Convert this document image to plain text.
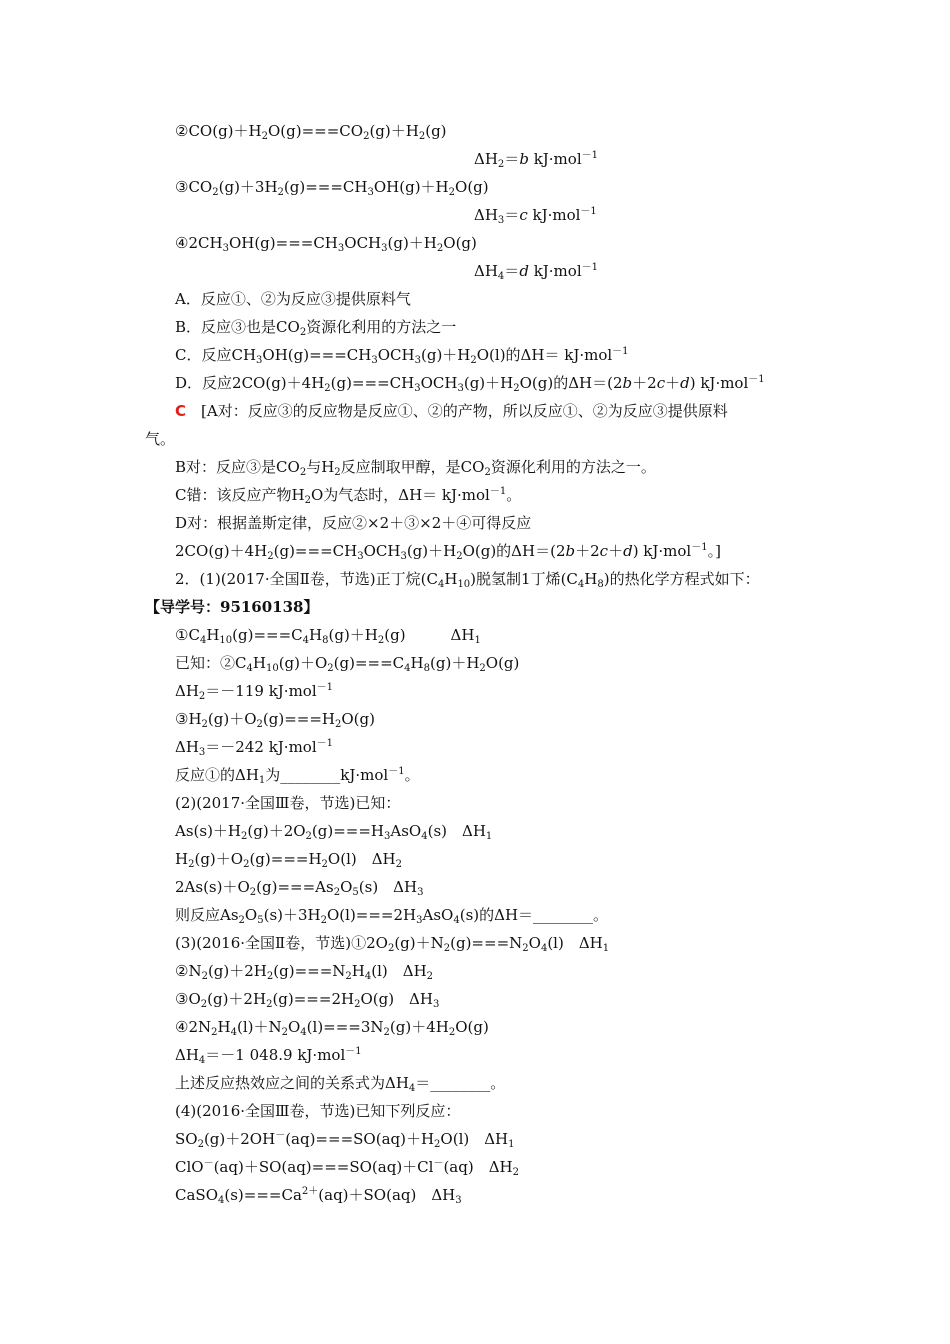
$②CO(g)+H_2O(g)===CO_2(g)+H_2(g)$
$\Delta H_2=b$ kJ·mol$^{-1}$
$③CO_2(g)+3H_2(g)===CH_3OH(g)+H_2O(g)$
$\Delta H_3=c$ kJ·mol$^{-1}$
$④2CH_3OH(g)===CH_3OCH_3(g)+H_2O(g)$
$\Delta H_4=d$ kJ·mol$^{-1}$
A．反应①、②为反应③提供原料气
B．反应③也是$CO_2$资源化利用的方法之一
C．反应$CH_3OH(g)===CH_3OCH_3(g)+H_2O(l)$的ΔH＝ kJ·mol$^{-1}$
D．反应$2CO(g)+4H_2(g)===CH_3OCH_3(g)+H_2O(g)$的ΔH＝(2b＋2c＋d) kJ·mol$^{-1}$
C　[A对：反应③的反应物是反应①、②的产物，所以反应①、②为反应③提供原料
气。
B对：反应③是$CO_2$与$H_2$反应制取甲醇，是$CO_2$资源化利用的方法之一。
C错：该反应产物$H_2O$为气态时，ΔH＝ kJ·mol$^{-1}$。
D对：根据盖斯定律，反应②×2＋③×2＋④可得反应
$2CO(g)+4H_2(g)===CH_3OCH_3(g)+H_2O(g)$的ΔH＝(2b＋2c＋d) kJ·mol$^{-1}$。]
2．(1)(2017·全国Ⅱ卷，节选)正丁烷$(C_4H_{10})$脱氢制1丁烯$(C_4H_8)$的热化学方程式如下：
【导学号：95160138】
$①C_4H_{10}(g)===C_4H_8(g)+H_2(g)$　　　$\Delta H_1$
已知：$②C_4H_{10}(g)+O_2(g)===C_4H_8(g)+H_2O(g)$
$\Delta H_2=-119$ kJ·mol$^{-1}$
$③H_2(g)+O_2(g)===H_2O(g)$
$\Delta H_3=-242$ kJ·mol$^{-1}$
反应①的$\Delta H_1$为________kJ·mol$^{-1}$。
(2)(2017·全国Ⅲ卷，节选)已知：
$As(s)+H_2(g)+2O_2(g)===H_3AsO_4(s)$　$\Delta H_1$
$H_2(g)+O_2(g)===H_2O(l)$　$\Delta H_2$
$2As(s)+O_2(g)===As_2O_5(s)$　$\Delta H_3$
则反应$As_2O_5(s)+3H_2O(l)===2H_3AsO_4(s)$的ΔH＝________。
(3)(2016·全国Ⅱ卷，节选)$①2O_2(g)+N_2(g)===N_2O_4(l)$　$\Delta H_1$
$②N_2(g)+2H_2(g)===N_2H_4(l)$　$\Delta H_2$
$③O_2(g)+2H_2(g)===2H_2O(g)$　$\Delta H_3$
$④2N_2H_4(l)+N_2O_4(l)===3N_2(g)+4H_2O(g)$
$\Delta H_4=-1$ 048.9 kJ·mol$^{-1}$
上述反应热效应之间的关系式为$\Delta H_4=\_\_\_\_\_\_\_\_$。
(4)(2016·全国Ⅲ卷，节选)已知下列反应：
$SO_2(g)+2OH^-(aq)===SO(aq)+H_2O(l)$　$\Delta H_1$
ClO－(aq)＋SO(aq)===SO(aq)＋Cl－(aq)　$\Delta H_2$
$CaSO_4(s)===Ca^{2+}(aq)+SO(aq)$　$\Delta H_3$
